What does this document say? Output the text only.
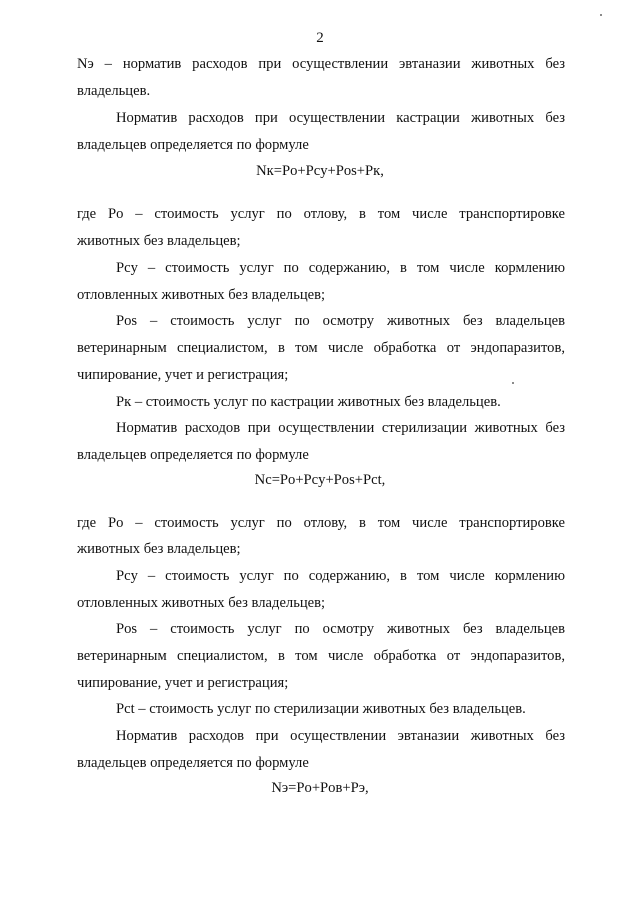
2
Nэ – норматив расходов при осуществлении эвтаназии животных без
владельцев.
Норматив расходов при осуществлении кастрации животных без
владельцев определяется по формуле
Nк=Po+Pcy+Pos+Pк,
где Po – стоимость услуг по отлову, в том числе транспортировке
животных без владельцев;
Pcy – стоимость услуг по содержанию, в том числе кормлению
отловленных животных без владельцев;
Pos – стоимость услуг по осмотру животных без владельцев
ветеринарным специалистом, в том числе обработка от эндопаразитов,
чипирование, учет и регистрация;
Pк – стоимость услуг по кастрации животных без владельцев.
Норматив расходов при осуществлении стерилизации животных без
владельцев определяется по формуле
Nc=Po+Pcy+Pos+Pct,
где Po – стоимость услуг по отлову, в том числе транспортировке
животных без владельцев;
Pcy – стоимость услуг по содержанию, в том числе кормлению
отловленных животных без владельцев;
Pos – стоимость услуг по осмотру животных без владельцев
ветеринарным специалистом, в том числе обработка от эндопаразитов,
чипирование, учет и регистрация;
Pct – стоимость услуг по стерилизации животных без владельцев.
Норматив расходов при осуществлении эвтаназии животных без
владельцев определяется по формуле
Nэ=Po+Pов+Pэ,
